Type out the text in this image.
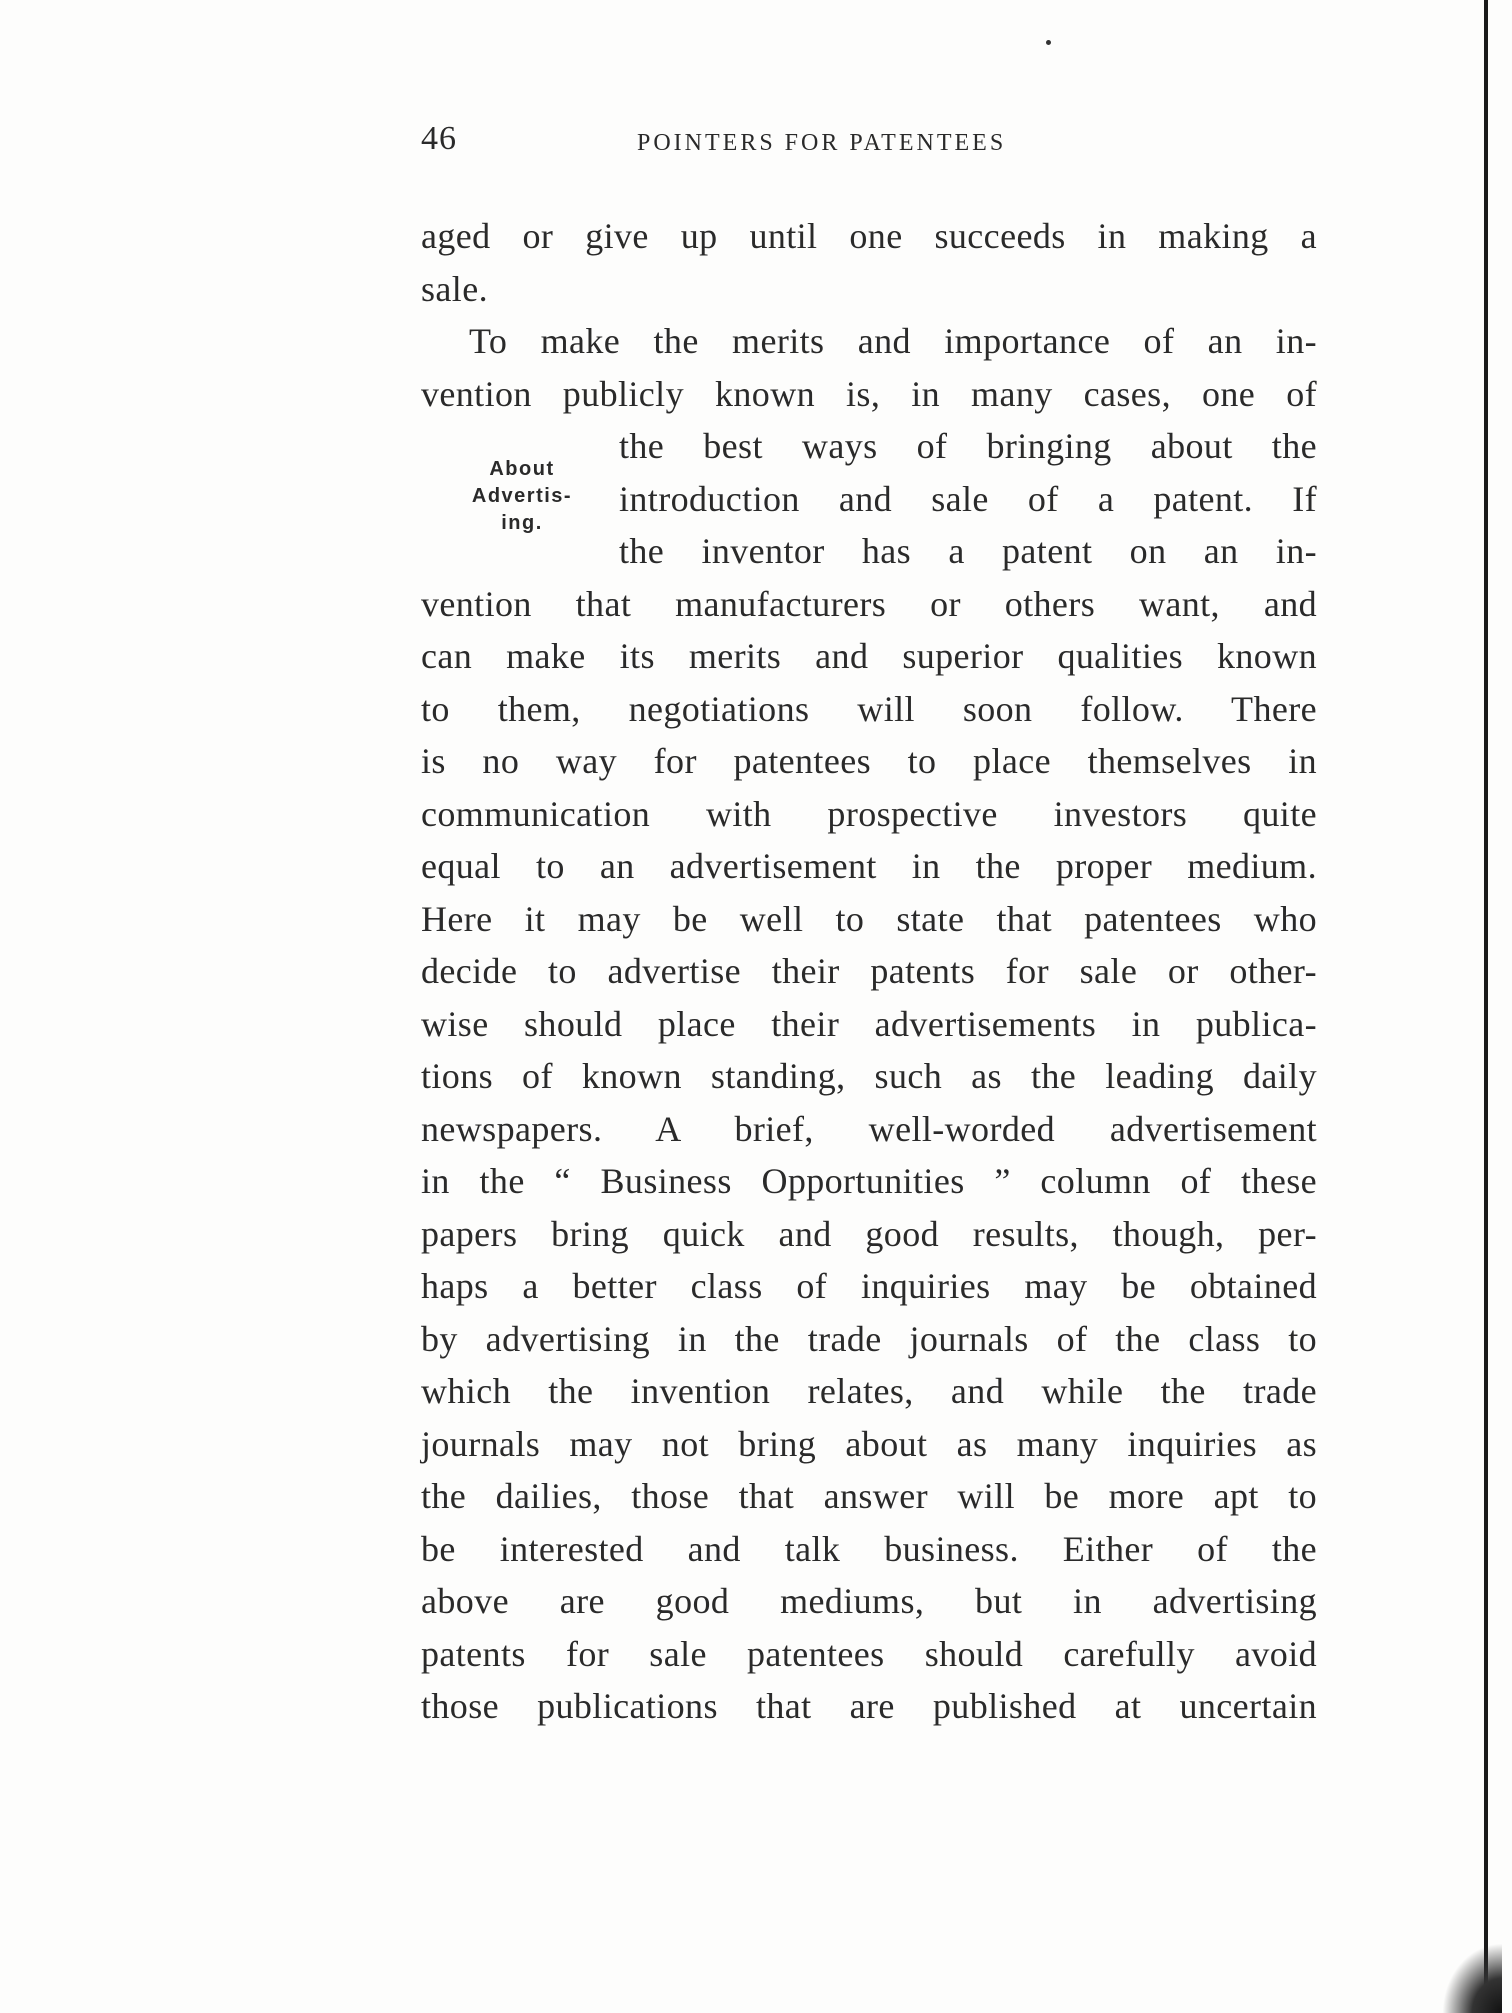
46	POINTERS FOR PATENTEES
About
Advertis-
ing.
aged or give up until one succeeds in making a
sale.
To make the merits and importance of an in-
vention publicly known is, in many cases, one of
the best ways of bringing about the
introduction and sale of a patent. If
the inventor has a patent on an in-
vention that manufacturers or others want, and
can make its merits and superior qualities known
to them, negotiations will soon follow. There
is no way for patentees to place themselves in
communication with prospective investors quite
equal to an advertisement in the proper medium.
Here it may be well to state that patentees who
decide to advertise their patents for sale or other-
wise should place their advertisements in publica-
tions of known standing, such as the leading daily
newspapers. A brief, well-worded advertisement
in the “ Business Opportunities ” column of these
papers bring quick and good results, though, per-
haps a better class of inquiries may be obtained
by advertising in the trade journals of the class to
which the invention relates, and while the trade
journals may not bring about as many inquiries as
the dailies, those that answer will be more apt to
be interested and talk business. Either of the
above are good mediums, but in advertising
patents for sale patentees should carefully avoid
those publications that are published at uncertain
